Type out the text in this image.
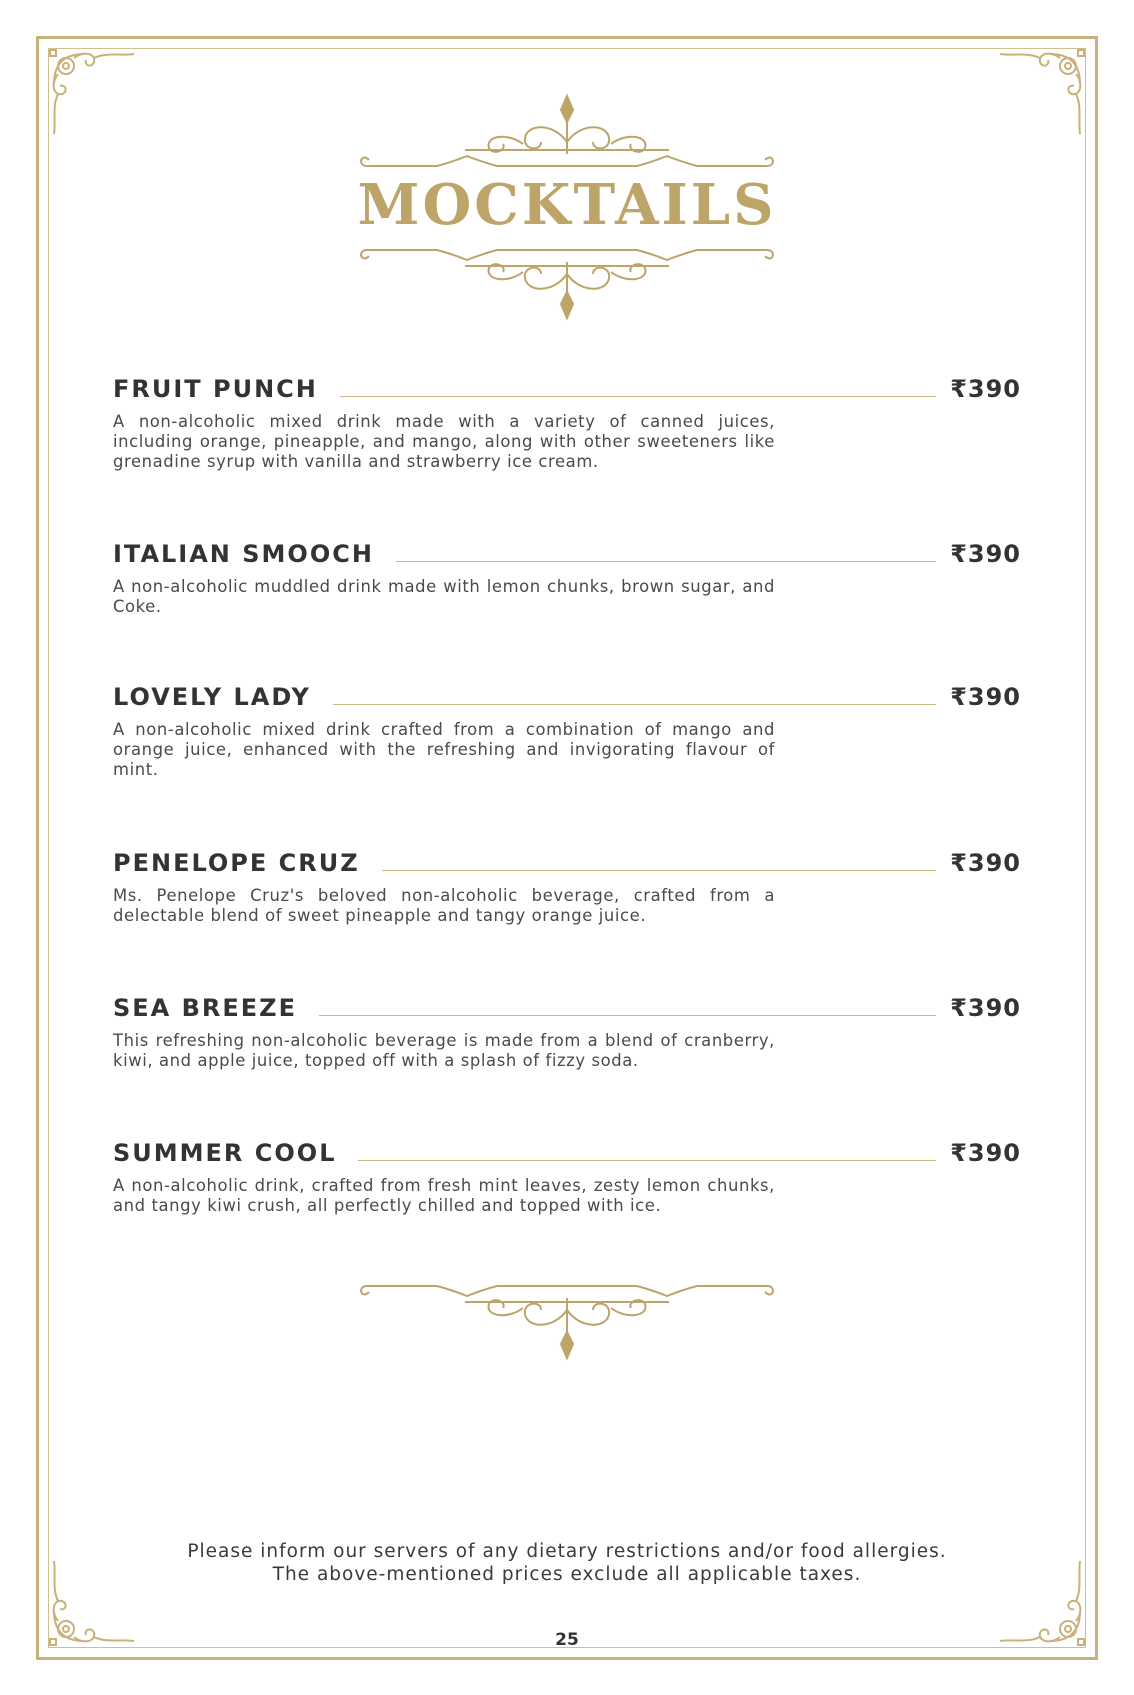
MOCKTAILS
FRUIT PUNCH	₹390
A non-alcoholic mixed drink made with a variety of canned juices, including orange, pineapple, and mango, along with other sweeteners like grenadine syrup with vanilla and strawberry ice cream.
ITALIAN SMOOCH	₹390
A non-alcoholic muddled drink made with lemon chunks, brown sugar, and Coke.
LOVELY LADY	₹390
A non-alcoholic mixed drink crafted from a combination of mango and orange juice, enhanced with the refreshing and invigorating flavour of mint.
PENELOPE CRUZ	₹390
Ms. Penelope Cruz's beloved non-alcoholic beverage, crafted from a delectable blend of sweet pineapple and tangy orange juice.
SEA BREEZE	₹390
This refreshing non-alcoholic beverage is made from a blend of cranberry, kiwi, and apple juice, topped off with a splash of fizzy soda.
SUMMER COOL	₹390
A non-alcoholic drink, crafted from fresh mint leaves, zesty lemon chunks, and tangy kiwi crush, all perfectly chilled and topped with ice.
Please inform our servers of any dietary restrictions and/or food allergies.
The above-mentioned prices exclude all applicable taxes.
25
